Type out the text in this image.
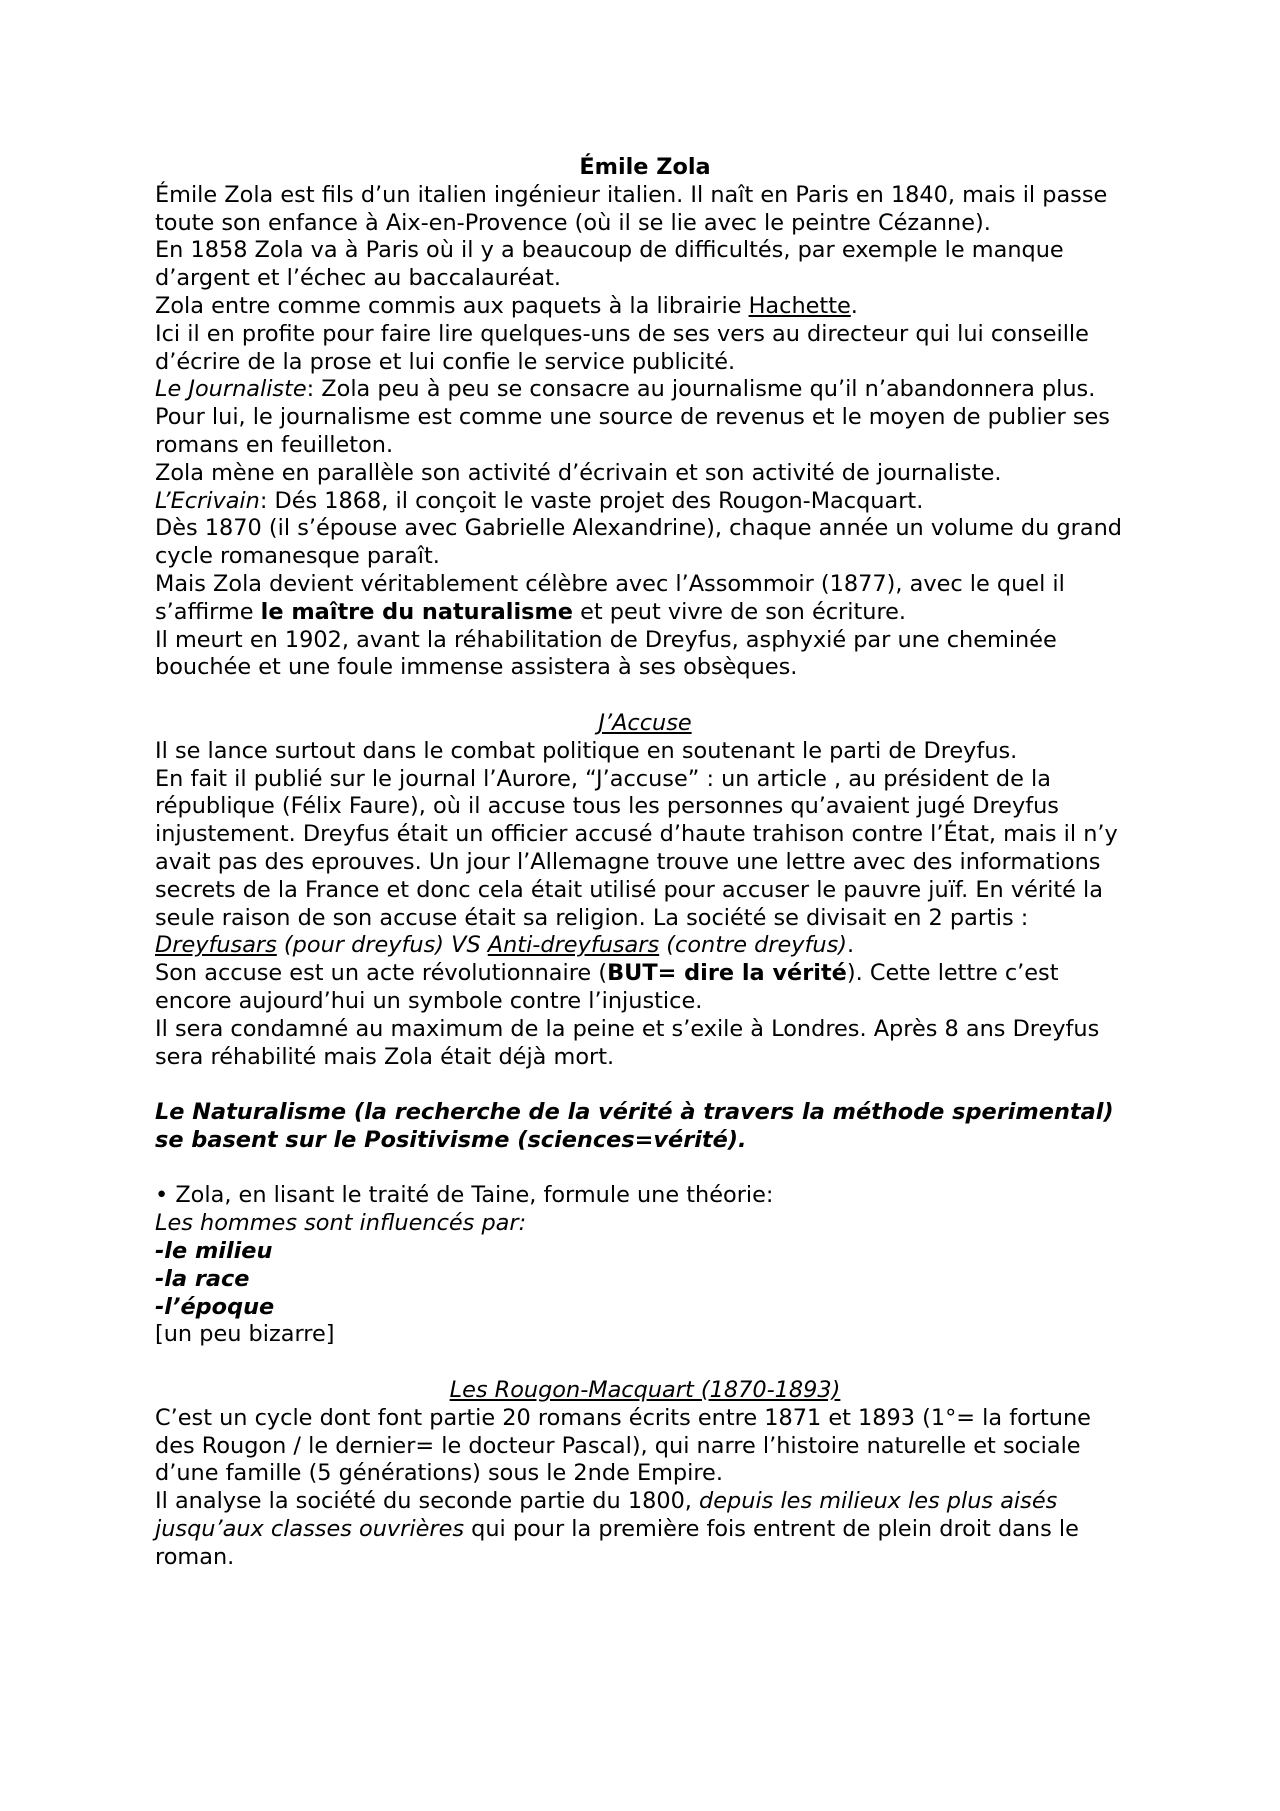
Émile Zola

Émile Zola est fils d’un italien ingénieur italien. Il naît en Paris en 1840, mais il passe toute son enfance à Aix-en-Provence (où il se lie avec le peintre Cézanne).

En 1858 Zola va à Paris où il y a beaucoup de difficultés, par exemple le manque d’argent et l’échec au baccalauréat.

Zola entre comme commis aux paquets à la librairie Hachette.

Ici il en profite pour faire lire quelques-uns de ses vers au directeur qui lui conseille d’écrire de la prose et lui confie le service publicité.

Le Journaliste: Zola peu à peu se consacre au journalisme qu’il n’abandonnera plus.

Pour lui, le journalisme est comme une source de revenus et le moyen de publier ses romans en feuilleton.

Zola mène en parallèle son activité d’écrivain et son activité de journaliste.

L’Ecrivain: Dés 1868, il conçoit le vaste projet des Rougon-Macquart.

Dès 1870 (il s’épouse avec Gabrielle Alexandrine), chaque année un volume du grand cycle romanesque paraît.

Mais Zola devient véritablement célèbre avec l’Assommoir (1877), avec le quel il s’affirme le maître du naturalisme et peut vivre de son écriture.

Il meurt en 1902, avant la réhabilitation de Dreyfus, asphyxié par une cheminée bouchée et une foule immense assistera à ses obsèques.

J’Accuse

Il se lance surtout dans le combat politique en soutenant le parti de Dreyfus.

En fait il publié sur le journal l’Aurore, “J’accuse” : un article , au président de la république (Félix Faure), où il accuse tous les personnes qu’avaient jugé Dreyfus injustement. Dreyfus était un officier accusé d’haute trahison contre l’État, mais il n’y avait pas des eprouves. Un jour l’Allemagne trouve une lettre avec des informations secrets de la France et donc cela était utilisé pour accuser le pauvre juïf. En vérité la seule raison de son accuse était sa religion. La société se divisait en 2 partis : Dreyfusars (pour dreyfus) VS Anti-dreyfusars (contre dreyfus).

Son accuse est un acte révolutionnaire (BUT= dire la vérité). Cette lettre c’est encore aujourd’hui un symbole contre l’injustice.

Il sera condamné au maximum de la peine et s’exile à Londres. Après 8 ans Dreyfus sera réhabilité mais Zola était déjà mort.

Le Naturalisme (la recherche de la vérité à travers la méthode sperimental) se basent sur le Positivisme (sciences=vérité).

• Zola, en lisant le traité de Taine, formule une théorie:

Les hommes sont influencés par:

-le milieu

-la race

-l’époque

[un peu bizarre]

Les Rougon-Macquart (1870-1893)

C’est un cycle dont font partie 20 romans écrits entre 1871 et 1893 (1°= la fortune des Rougon / le dernier= le docteur Pascal), qui narre l’histoire naturelle et sociale d’une famille (5 générations) sous le 2nde Empire.

Il analyse la société du seconde partie du 1800, depuis les milieux les plus aisés jusqu’aux classes ouvrières qui pour la première fois entrent de plein droit dans le roman.
